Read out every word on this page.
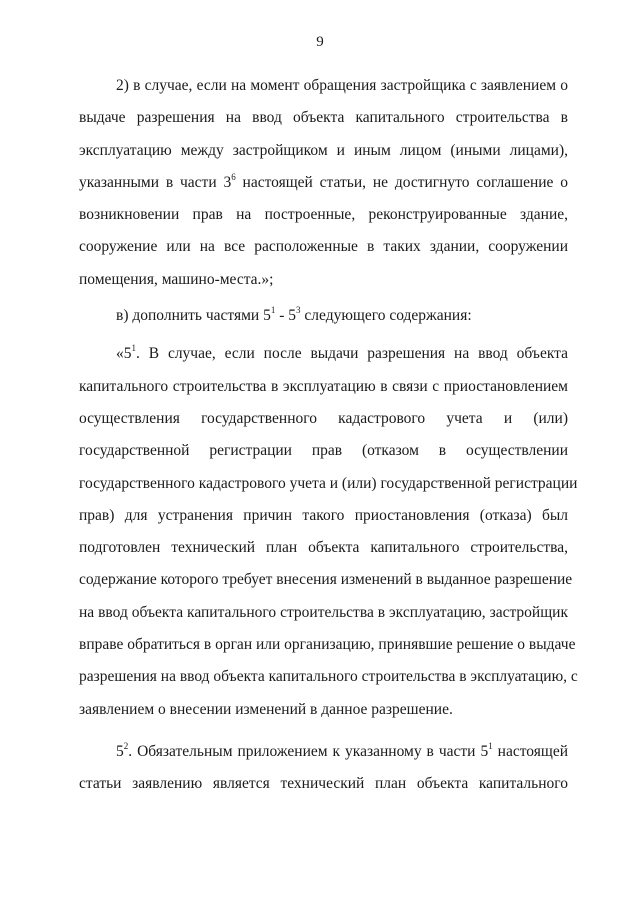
9
2) в случае, если на момент обращения застройщика с заявлением о
выдаче разрешения на ввод объекта капитального строительства в
эксплуатацию между застройщиком и иным лицом (иными лицами),
указанными в части $3^6$ настоящей статьи, не достигнуто соглашение о
возникновении прав на построенные, реконструированные здание,
сооружение или на все расположенные в таких здании, сооружении
помещения, машино-места.»;
в) дополнить частями $5^1 - 5^3$ следующего содержания:
«$5^1$. В случае, если после выдачи разрешения на ввод объекта
капитального строительства в эксплуатацию в связи с приостановлением
осуществления государственного кадастрового учета и (или)
государственной регистрации прав (отказом в осуществлении
государственного кадастрового учета и (или) государственной регистрации
прав) для устранения причин такого приостановления (отказа) был
подготовлен технический план объекта капитального строительства,
содержание которого требует внесения изменений в выданное разрешение
на ввод объекта капитального строительства в эксплуатацию, застройщик
вправе обратиться в орган или организацию, принявшие решение о выдаче
разрешения на ввод объекта капитального строительства в эксплуатацию, с
заявлением о внесении изменений в данное разрешение.
$5^2$. Обязательным приложением к указанному в части $5^1$ настоящей
статьи заявлению является технический план объекта капитального
